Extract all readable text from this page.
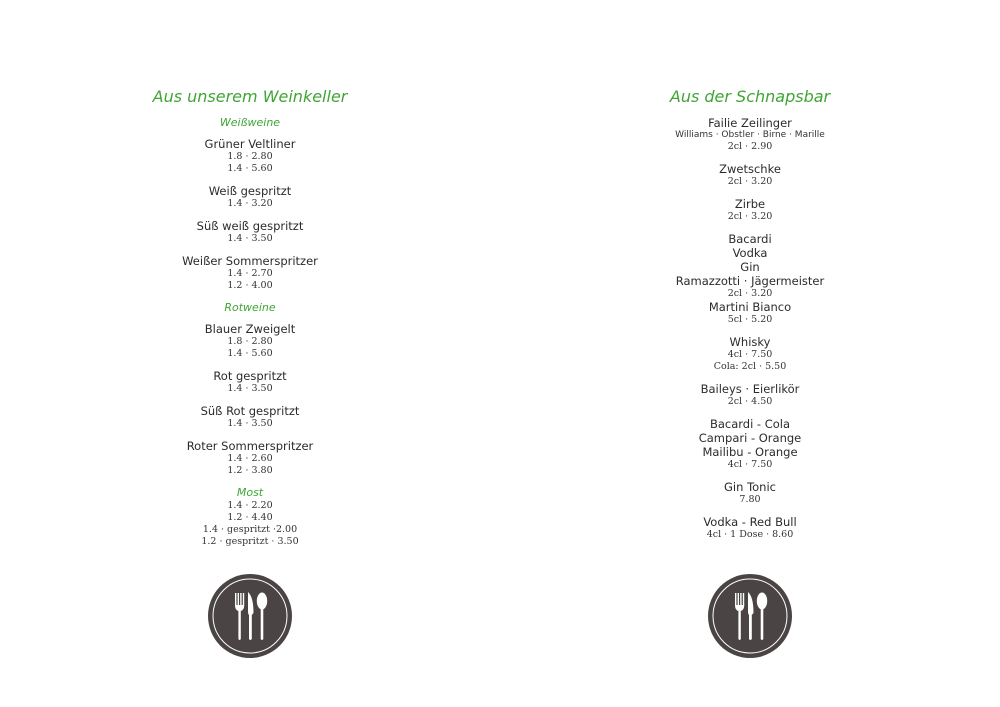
Aus unserem Weinkeller
Weißweine
Grüner Veltliner
1.8 · 2.80
1.4 · 5.60
Weiß gespritzt
1.4 · 3.20
Süß weiß gespritzt
1.4 · 3.50
Weißer Sommerspritzer
1.4 · 2.70
1.2 · 4.00
Rotweine
Blauer Zweigelt
1.8 · 2.80
1.4 · 5.60
Rot gespritzt
1.4 · 3.50
Süß Rot gespritzt
1.4 · 3.50
Roter Sommerspritzer
1.4 · 2.60
1.2 · 3.80
Most
1.4 · 2.20
1.2 · 4.40
1.4 · gespritzt ·2.00
1.2 · gespritzt · 3.50
Aus der Schnapsbar
Failie Zeilinger
Williams · Obstler · Birne · Marille
2cl · 2.90
Zwetschke
2cl · 3.20
Zirbe
2cl · 3.20
Bacardi
Vodka
Gin
Ramazzotti · Jägermeister
2cl · 3.20
Martini Bianco
5cl · 5.20
Whisky
4cl · 7.50
Cola: 2cl · 5.50
Baileys · Eierlikör
2cl · 4.50
Bacardi - Cola
Campari - Orange
Mailibu - Orange
4cl · 7.50
Gin Tonic
7.80
Vodka - Red Bull
4cl · 1 Dose · 8.60
